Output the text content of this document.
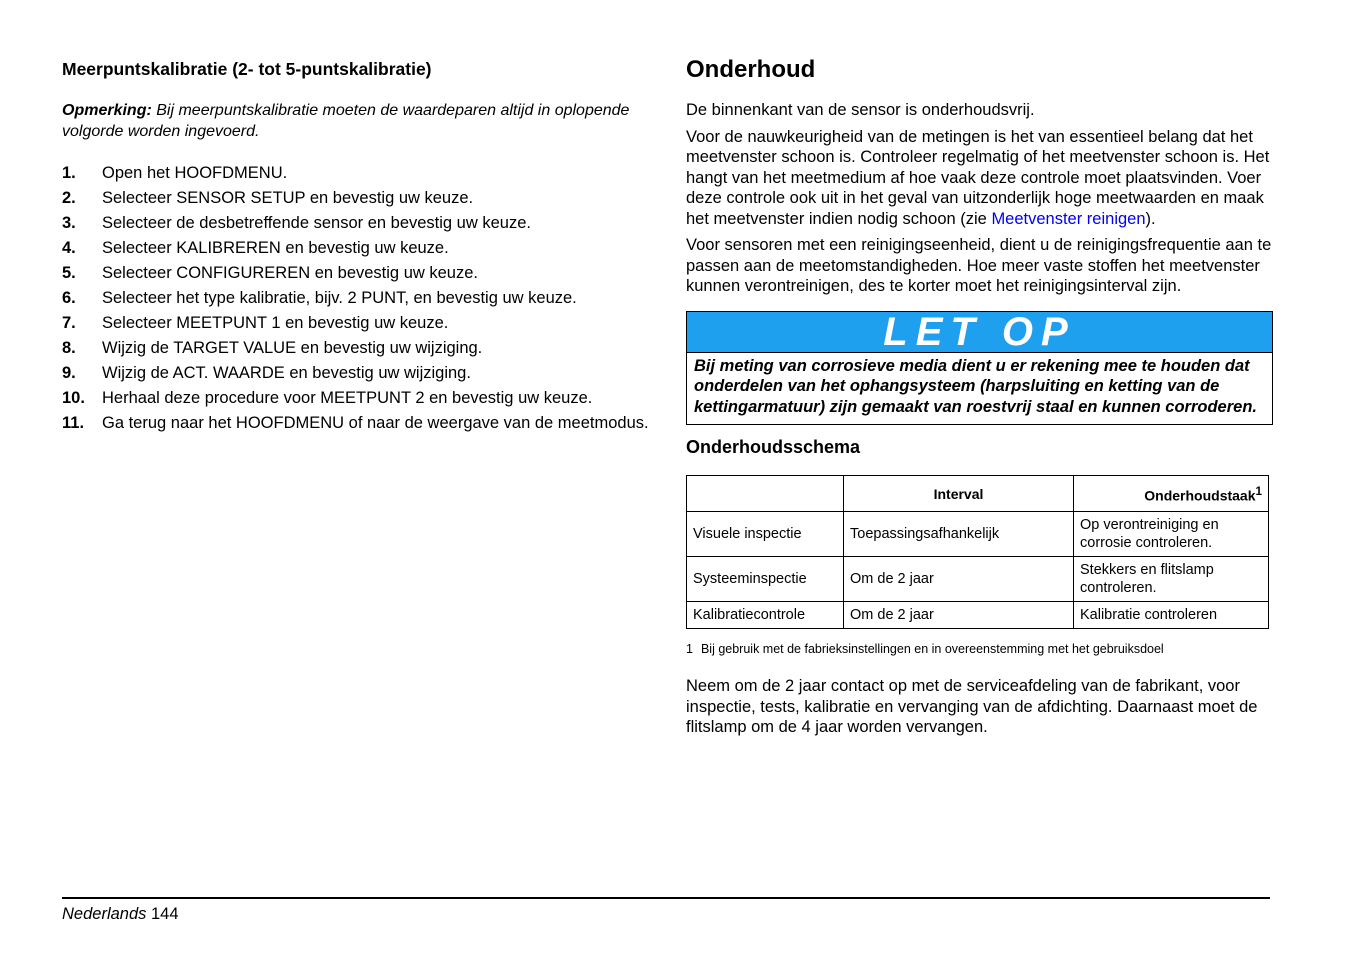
Meerpuntskalibratie (2- tot 5-puntskalibratie)
Opmerking: Bij meerpuntskalibratie moeten de waardeparen altijd in oplopende volgorde worden ingevoerd.
1.	Open het HOOFDMENU.
2.	Selecteer SENSOR SETUP en bevestig uw keuze.
3.	Selecteer de desbetreffende sensor en bevestig uw keuze.
4.	Selecteer KALIBREREN en bevestig uw keuze.
5.	Selecteer CONFIGUREREN en bevestig uw keuze.
6.	Selecteer het type kalibratie, bijv. 2 PUNT, en bevestig uw keuze.
7.	Selecteer MEETPUNT 1 en bevestig uw keuze.
8.	Wijzig de TARGET VALUE en bevestig uw wijziging.
9.	Wijzig de ACT. WAARDE en bevestig uw wijziging.
10.	Herhaal deze procedure voor MEETPUNT 2 en bevestig uw keuze.
11.	Ga terug naar het HOOFDMENU of naar de weergave van de meetmodus.
Onderhoud
De binnenkant van de sensor is onderhoudsvrij.
Voor de nauwkeurigheid van de metingen is het van essentieel belang dat het meetvenster schoon is. Controleer regelmatig of het meetvenster schoon is. Het hangt van het meetmedium af hoe vaak deze controle moet plaatsvinden. Voer deze controle ook uit in het geval van uitzonderlijk hoge meetwaarden en maak het meetvenster indien nodig schoon (zie Meetvenster reinigen).
Voor sensoren met een reinigingseenheid, dient u de reinigingsfrequentie aan te passen aan de meetomstandigheden. Hoe meer vaste stoffen het meetvenster kunnen verontreinigen, des te korter moet het reinigingsinterval zijn.
LET OP
Bij meting van corrosieve media dient u er rekening mee te houden dat onderdelen van het ophangsysteem (harpsluiting en ketting van de kettingarmatuur) zijn gemaakt van roestvrij staal en kunnen corroderen.
Onderhoudsschema
	Interval	Onderhoudstaak$^1$
Visuele inspectie	Toepassingsafhankelijk	Op verontreiniging en corrosie controleren.
Systeeminspectie	Om de 2 jaar	Stekkers en flitslamp controleren.
Kalibratiecontrole	Om de 2 jaar	Kalibratie controleren
1 Bij gebruik met de fabrieksinstellingen en in overeenstemming met het gebruiksdoel
Neem om de 2 jaar contact op met de serviceafdeling van de fabrikant, voor inspectie, tests, kalibratie en vervanging van de afdichting. Daarnaast moet de flitslamp om de 4 jaar worden vervangen.
Nederlands 144
